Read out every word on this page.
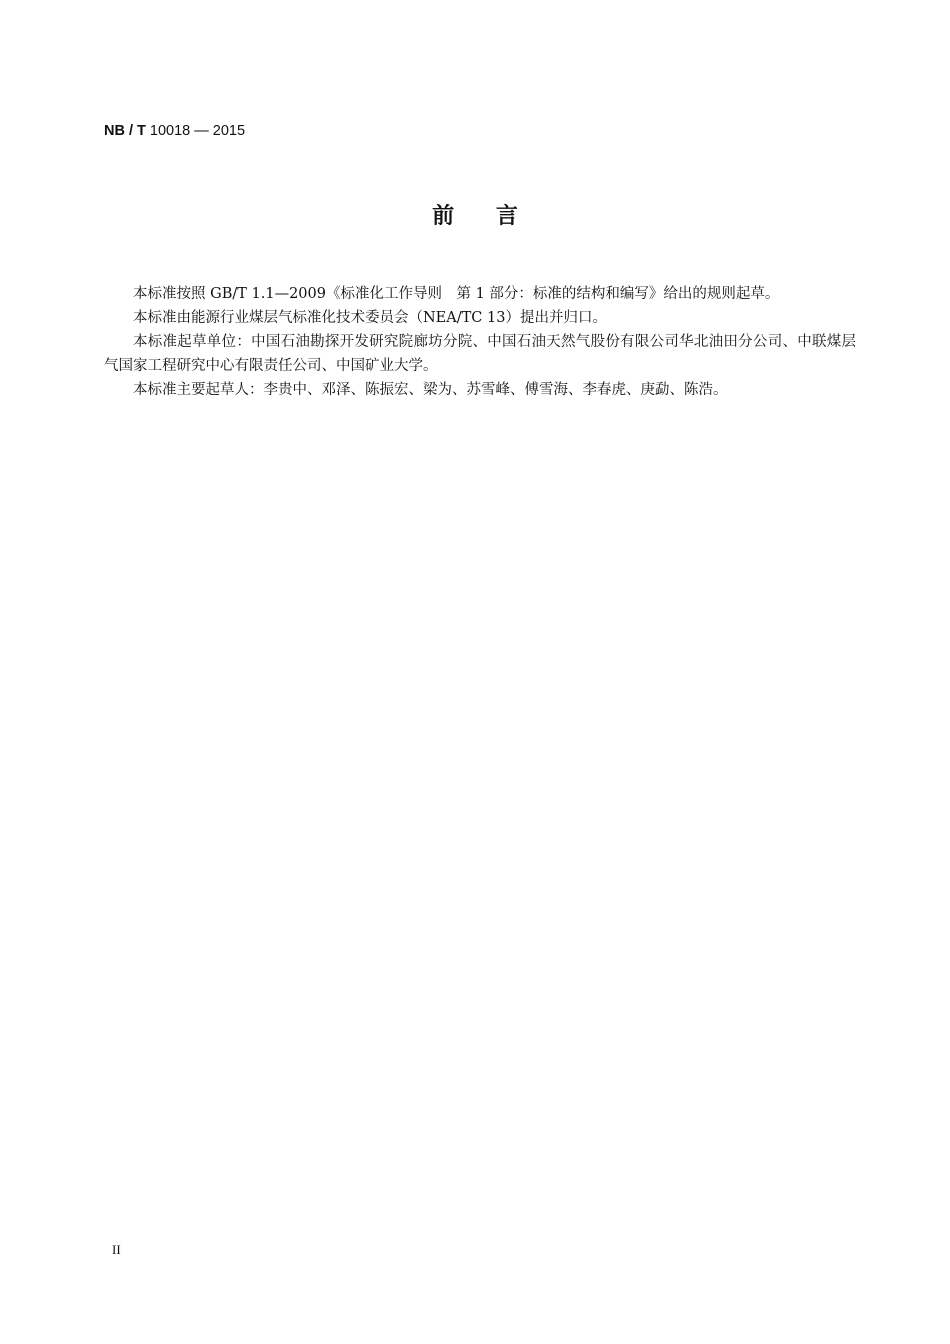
NB / T 10018 — 2015
前言

本标准按照 GB/T 1.1—2009《标准化工作导则　第 1 部分：标准的结构和编写》给出的规则起草。

本标准由能源行业煤层气标准化技术委员会（NEA/TC 13）提出并归口。

本标准起草单位：中国石油勘探开发研究院廊坊分院、中国石油天然气股份有限公司华北油田分公司、中联煤层气国家工程研究中心有限责任公司、中国矿业大学。

本标准主要起草人：李贵中、邓泽、陈振宏、梁为、苏雪峰、傅雪海、李春虎、庚勐、陈浩。

II
